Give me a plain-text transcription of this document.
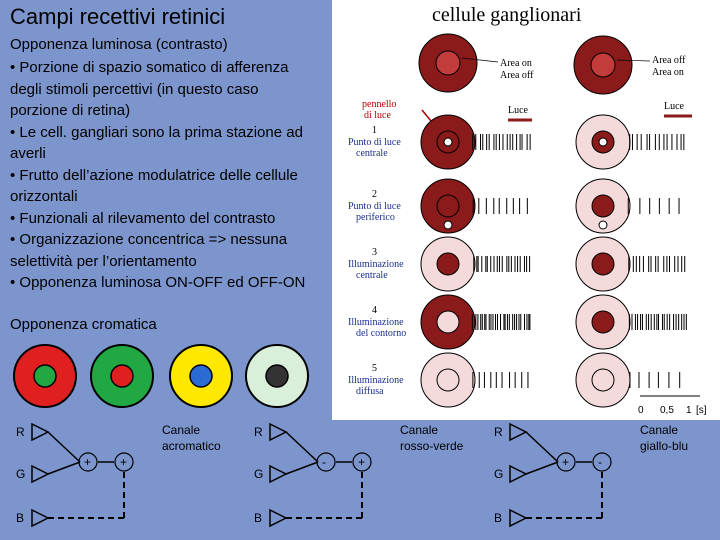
Campi recettivi retinici
Opponenza luminosa (contrasto)
• Porzione di spazio somatico di afferenza
degli stimoli percettivi (in questo caso
porzione di retina)
• Le cell. gangliari sono la prima stazione ad
averli
• Frutto dell’azione modulatrice delle cellule
orizzontali
• Funzionali al rilevamento del contrasto
• Organizzazione concentrica => nessuna
selettività per l’orientamento
• Opponenza luminosa ON-OFF ed OFF-ON
Opponenza cromatica
cellule ganglionari
Area on
Area off
Area off
Area on
pennello
di luce	Luce	Luce
1
Punto di luce
centrale
2
Punto di luce
periferico
3
Illuminazione
centrale
4
Illuminazione
del contorno
5
Illuminazione
diffusa
0 0,5 1 [s]
R
G
B
+ +
Canale
acromatico
R
G
B
-	+
Canale
rosso-verde
R
G
B
+ -
Canale
giallo-blu
